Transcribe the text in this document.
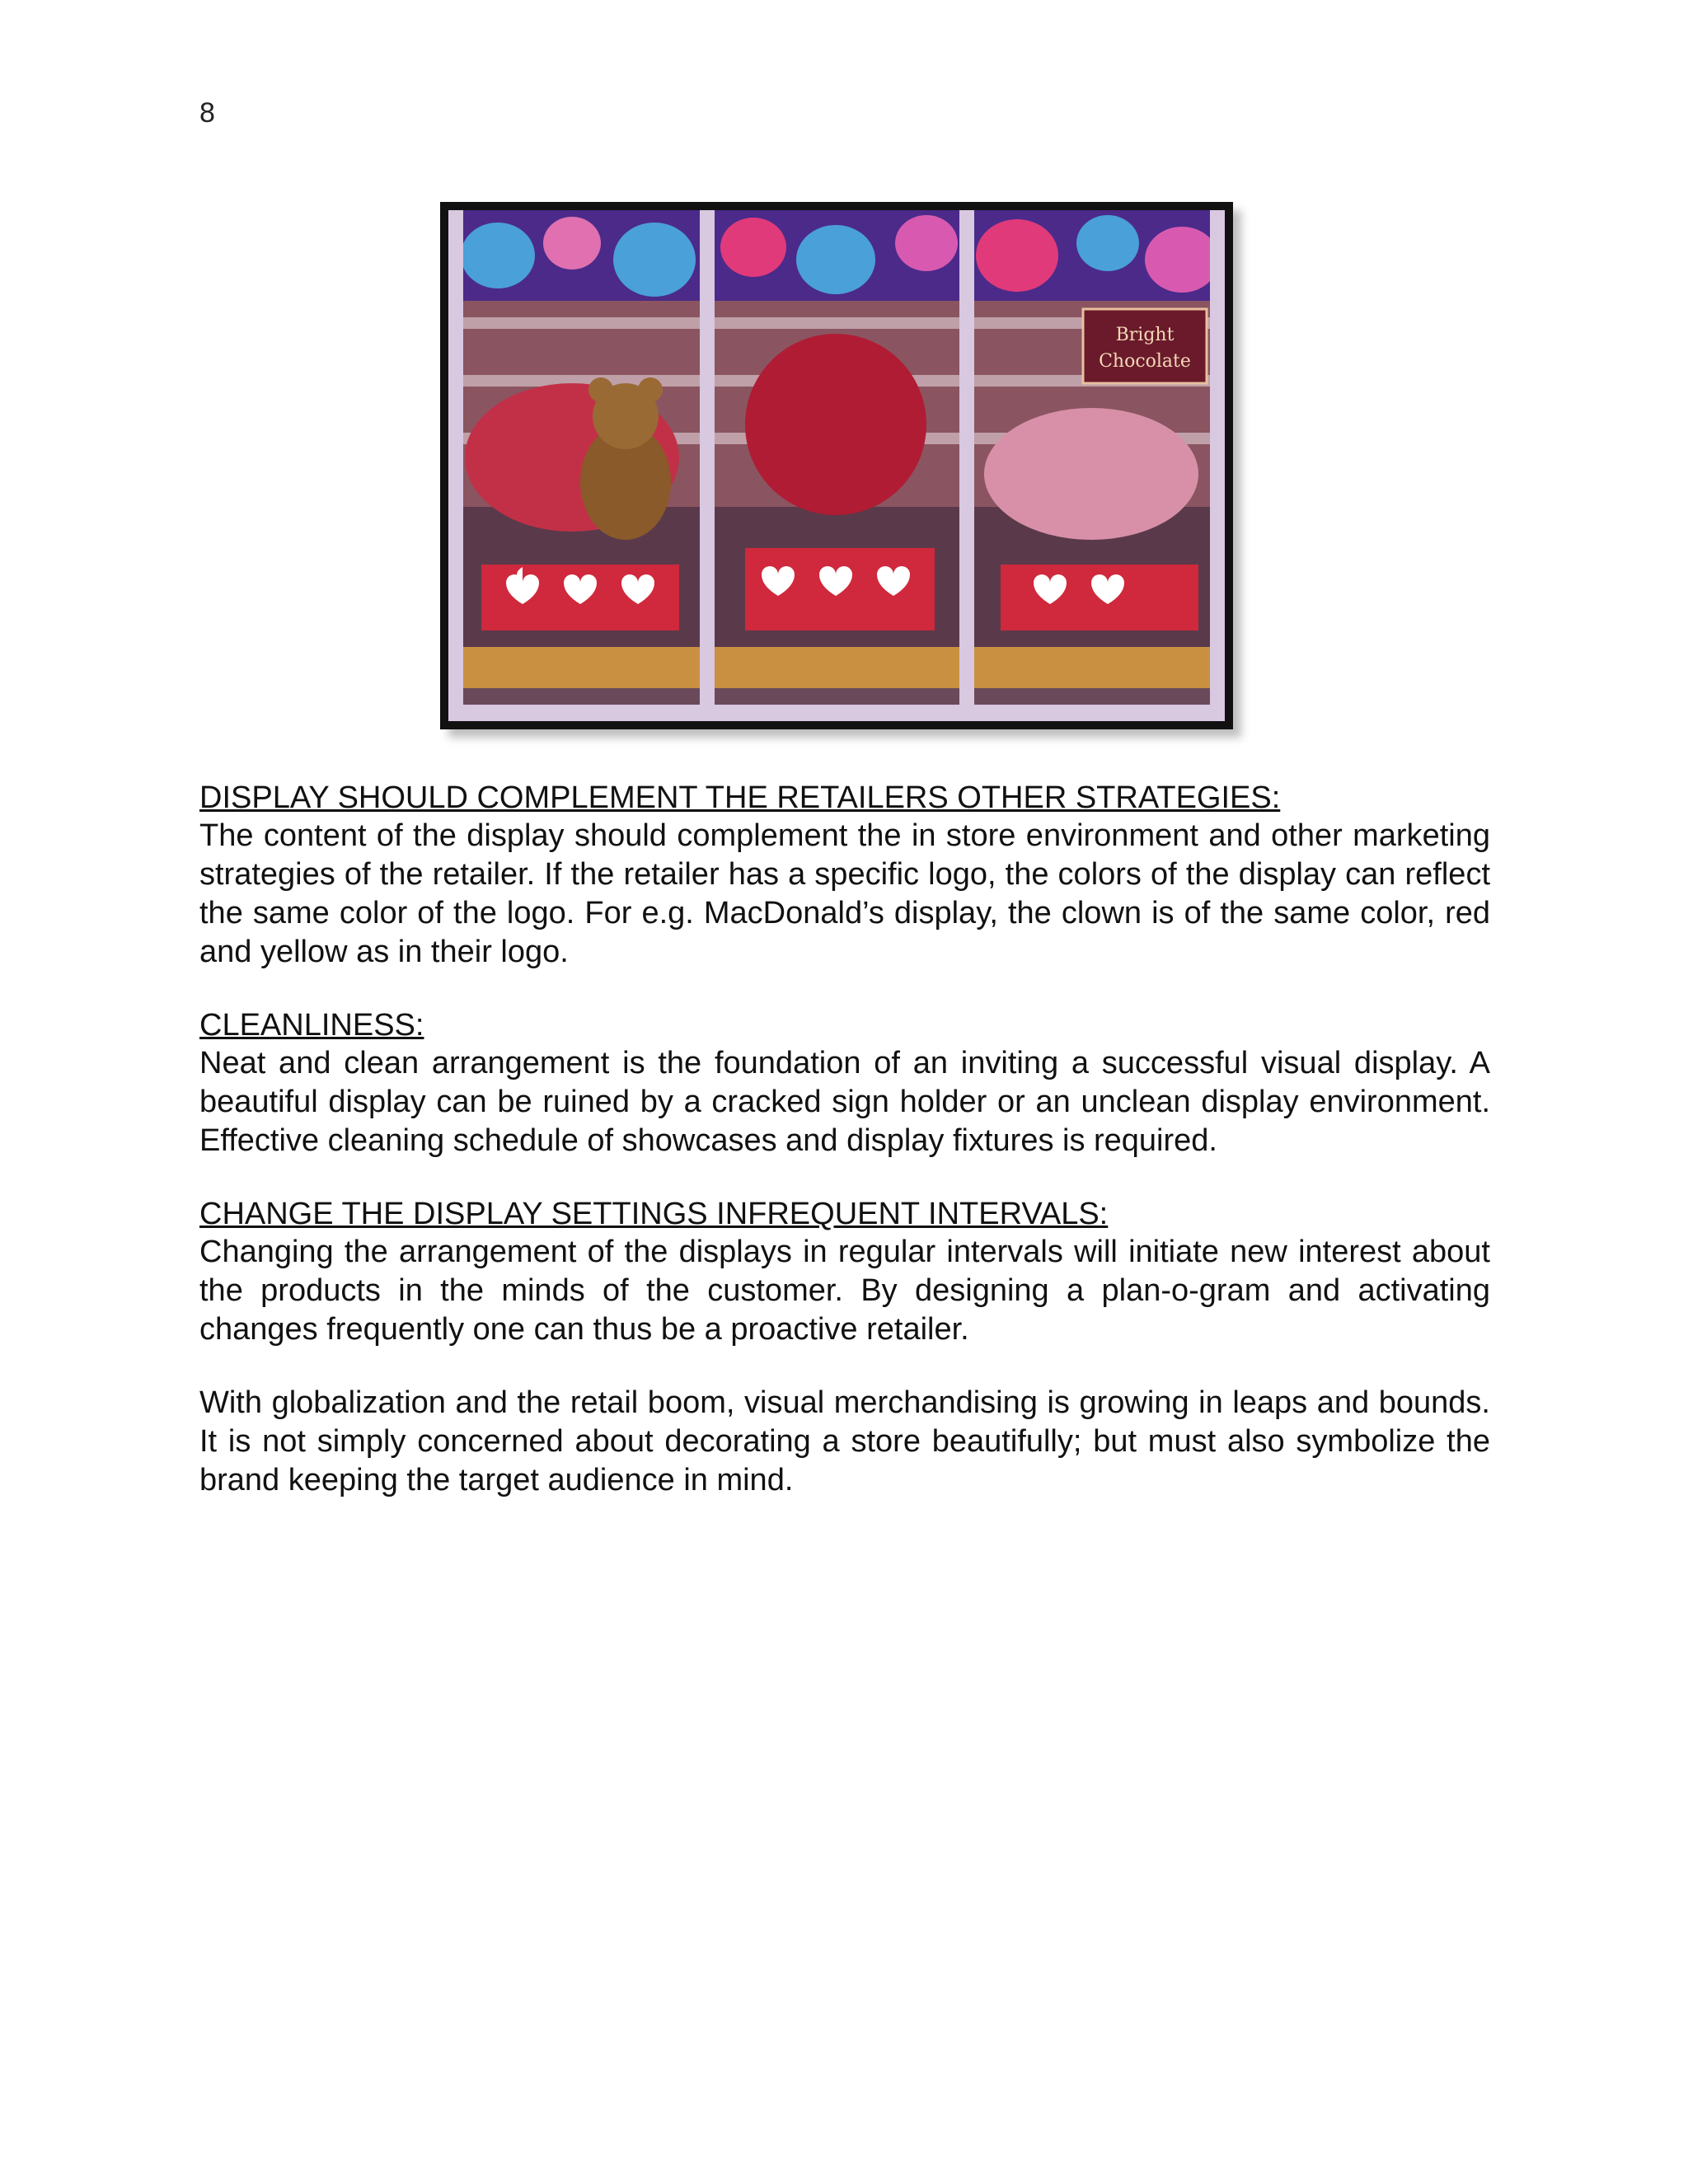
8
Bright
Chocolate
DISPLAY SHOULD COMPLEMENT THE RETAILERS OTHER STRATEGIES:

The content of the display should complement the in store environment and other marketing strategies of the retailer. If the retailer has a specific logo, the colors of the display can reflect the same color of the logo. For e.g. MacDonald’s display, the clown is of the same color, red and yellow as in their logo.

CLEANLINESS:

Neat and clean arrangement is the foundation of an inviting a successful visual display. A beautiful display can be ruined by a cracked sign holder or an unclean display environment. Effective cleaning schedule of showcases and display fixtures is required.

CHANGE THE DISPLAY SETTINGS INFREQUENT INTERVALS:

Changing the arrangement of the displays in regular intervals will initiate new interest about the products in the minds of the customer. By designing a plan-o-gram and activating changes frequently one can thus be a proactive retailer.

With globalization and the retail boom, visual merchandising is growing in leaps and bounds. It is not simply concerned about decorating a store beautifully; but must also symbolize the brand keeping the target audience in mind.
